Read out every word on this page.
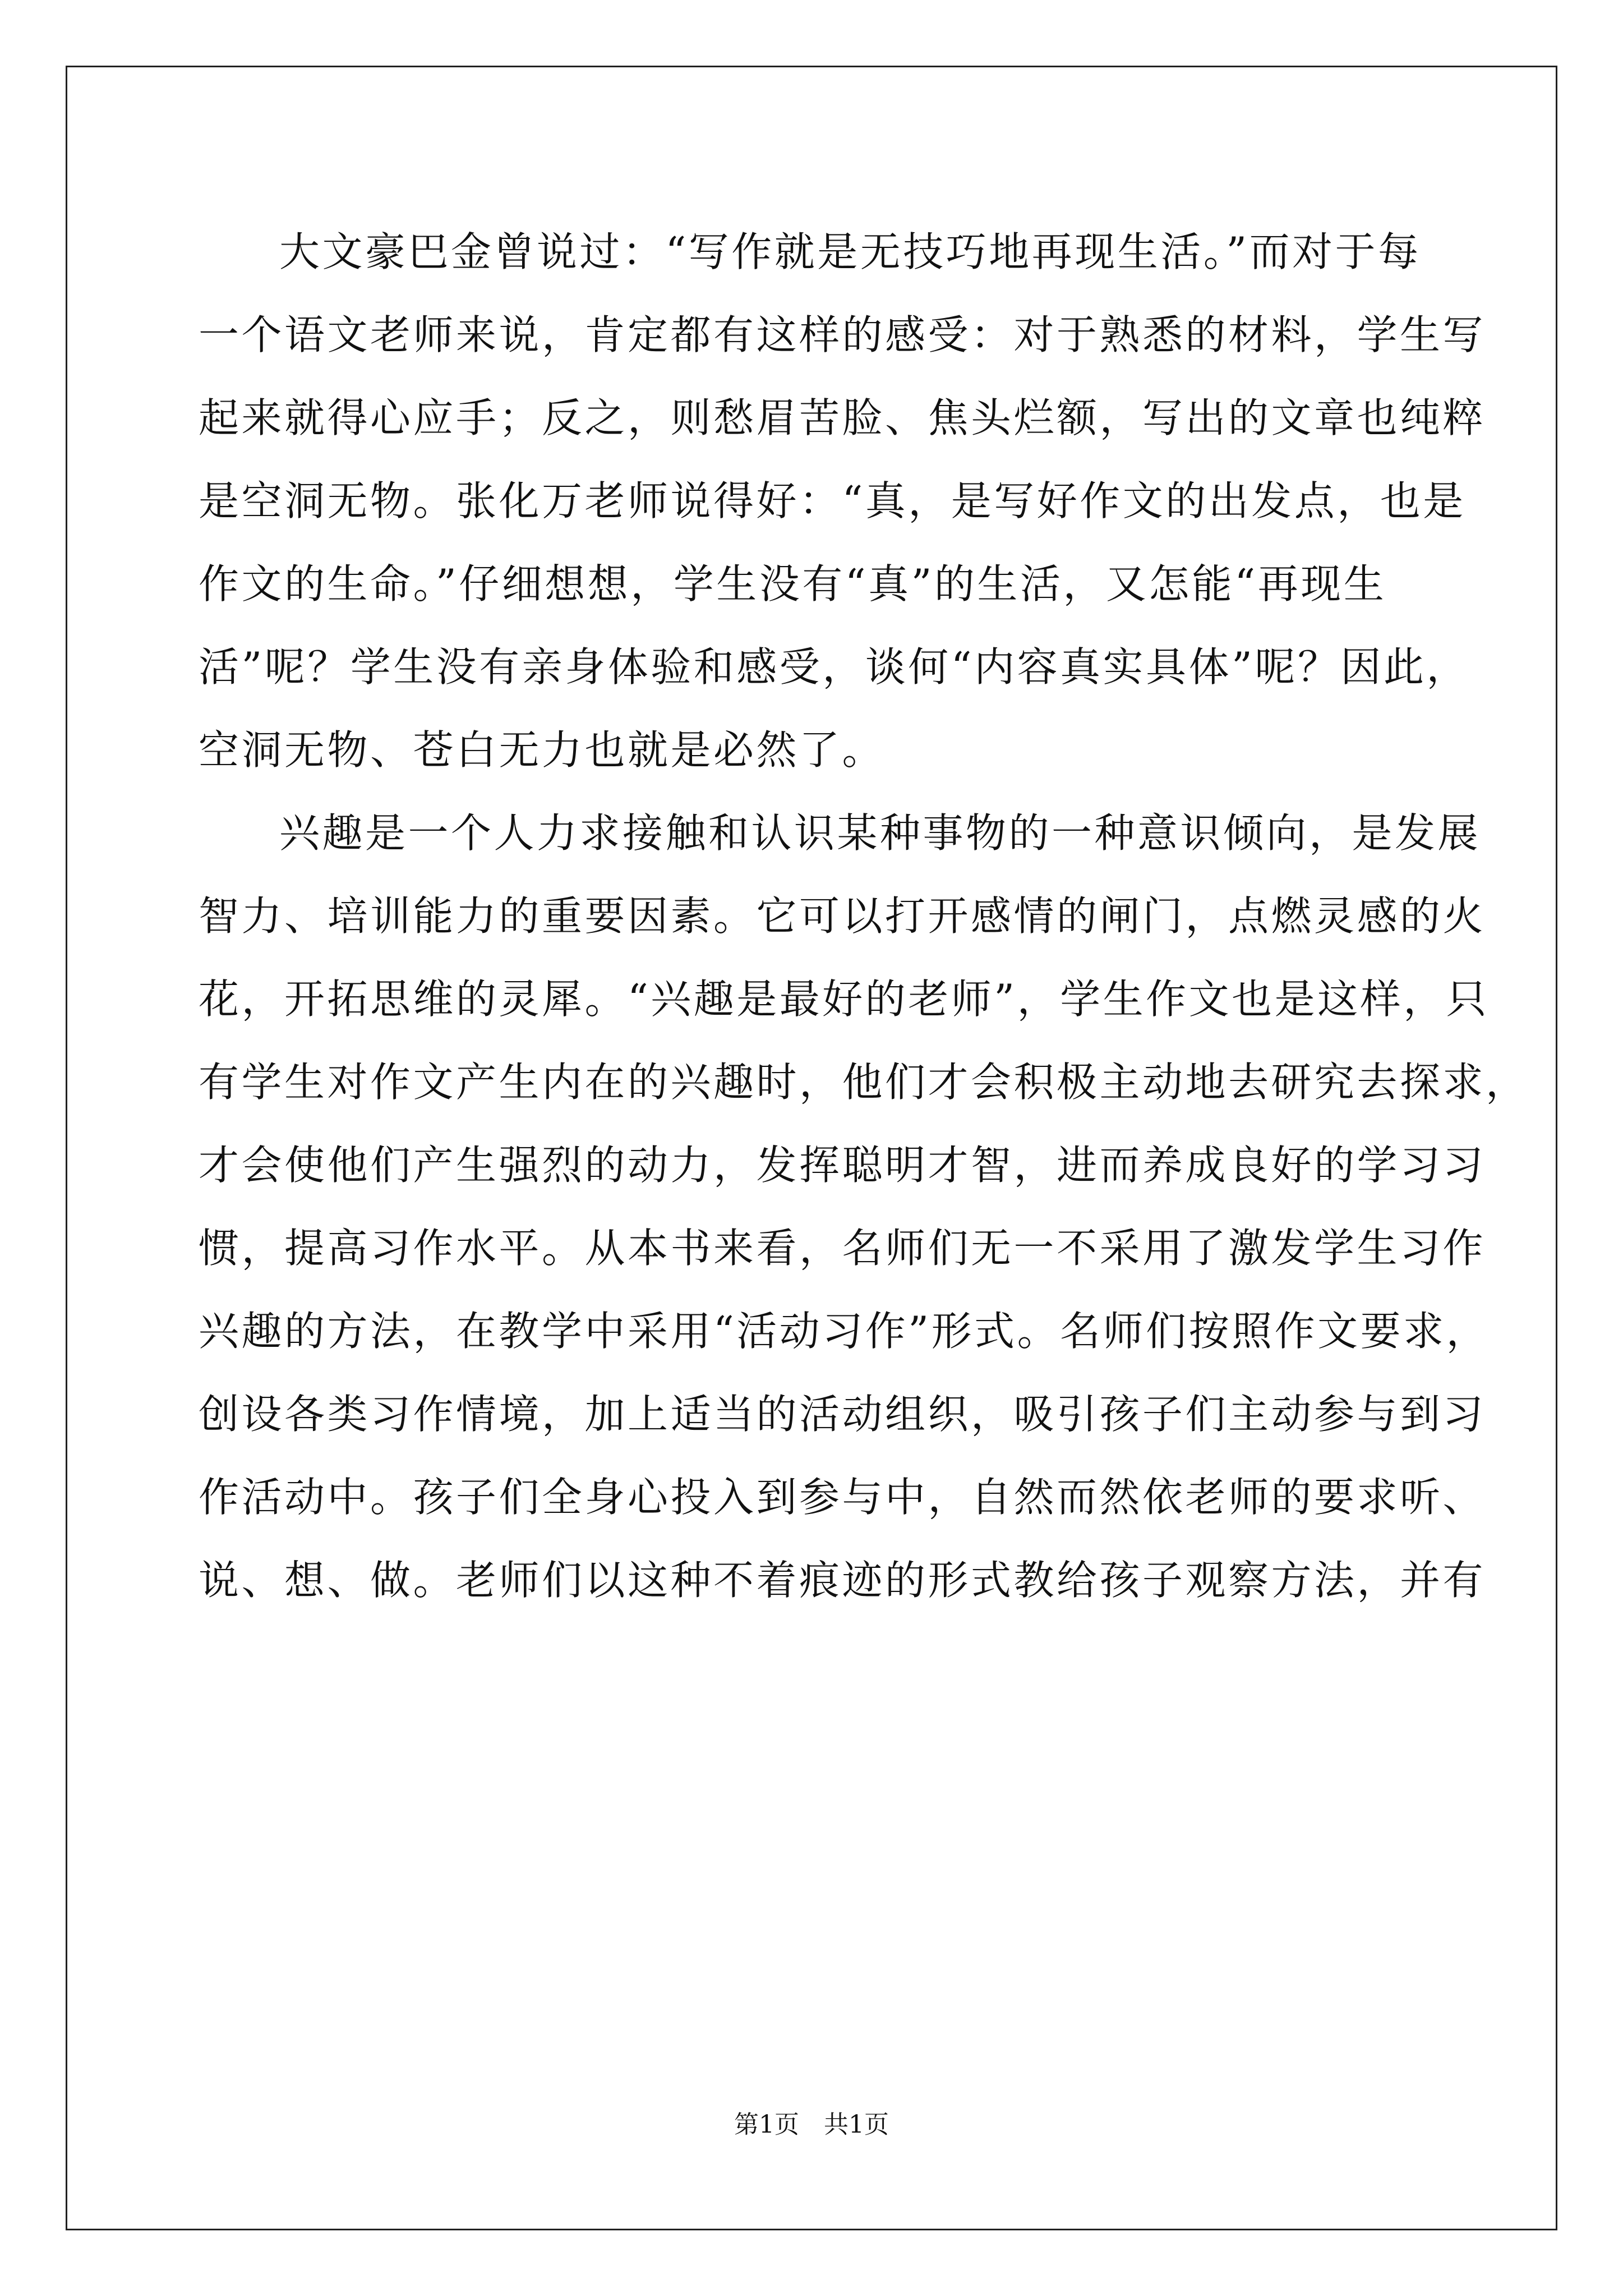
大文豪巴金曾说过：“写作就是无技巧地再现生活。”而对于每

一个语文老师来说，肯定都有这样的感受：对于熟悉的材料，学生写

起来就得心应手；反之，则愁眉苦脸、焦头烂额，写出的文章也纯粹

是空洞无物。张化万老师说得好：“真，是写好作文的出发点，也是

作文的生命。”仔细想想，学生没有“真”的生活，又怎能“再现生

活”呢？学生没有亲身体验和感受，谈何“内容真实具体”呢？因此，

空洞无物、苍白无力也就是必然了。

兴趣是一个人力求接触和认识某种事物的一种意识倾向，是发展

智力、培训能力的重要因素。它可以打开感情的闸门，点燃灵感的火

花，开拓思维的灵犀。“兴趣是最好的老师”，学生作文也是这样，只

有学生对作文产生内在的兴趣时，他们才会积极主动地去研究去探求，

才会使他们产生强烈的动力，发挥聪明才智，进而养成良好的学习习

惯，提高习作水平。从本书来看，名师们无一不采用了激发学生习作

兴趣的方法，在教学中采用“活动习作”形式。名师们按照作文要求，

创设各类习作情境，加上适当的活动组织，吸引孩子们主动参与到习

作活动中。孩子们全身心投入到参与中，自然而然依老师的要求听、

说、想、做。老师们以这种不着痕迹的形式教给孩子观察方法，并有

第1页 共1页
